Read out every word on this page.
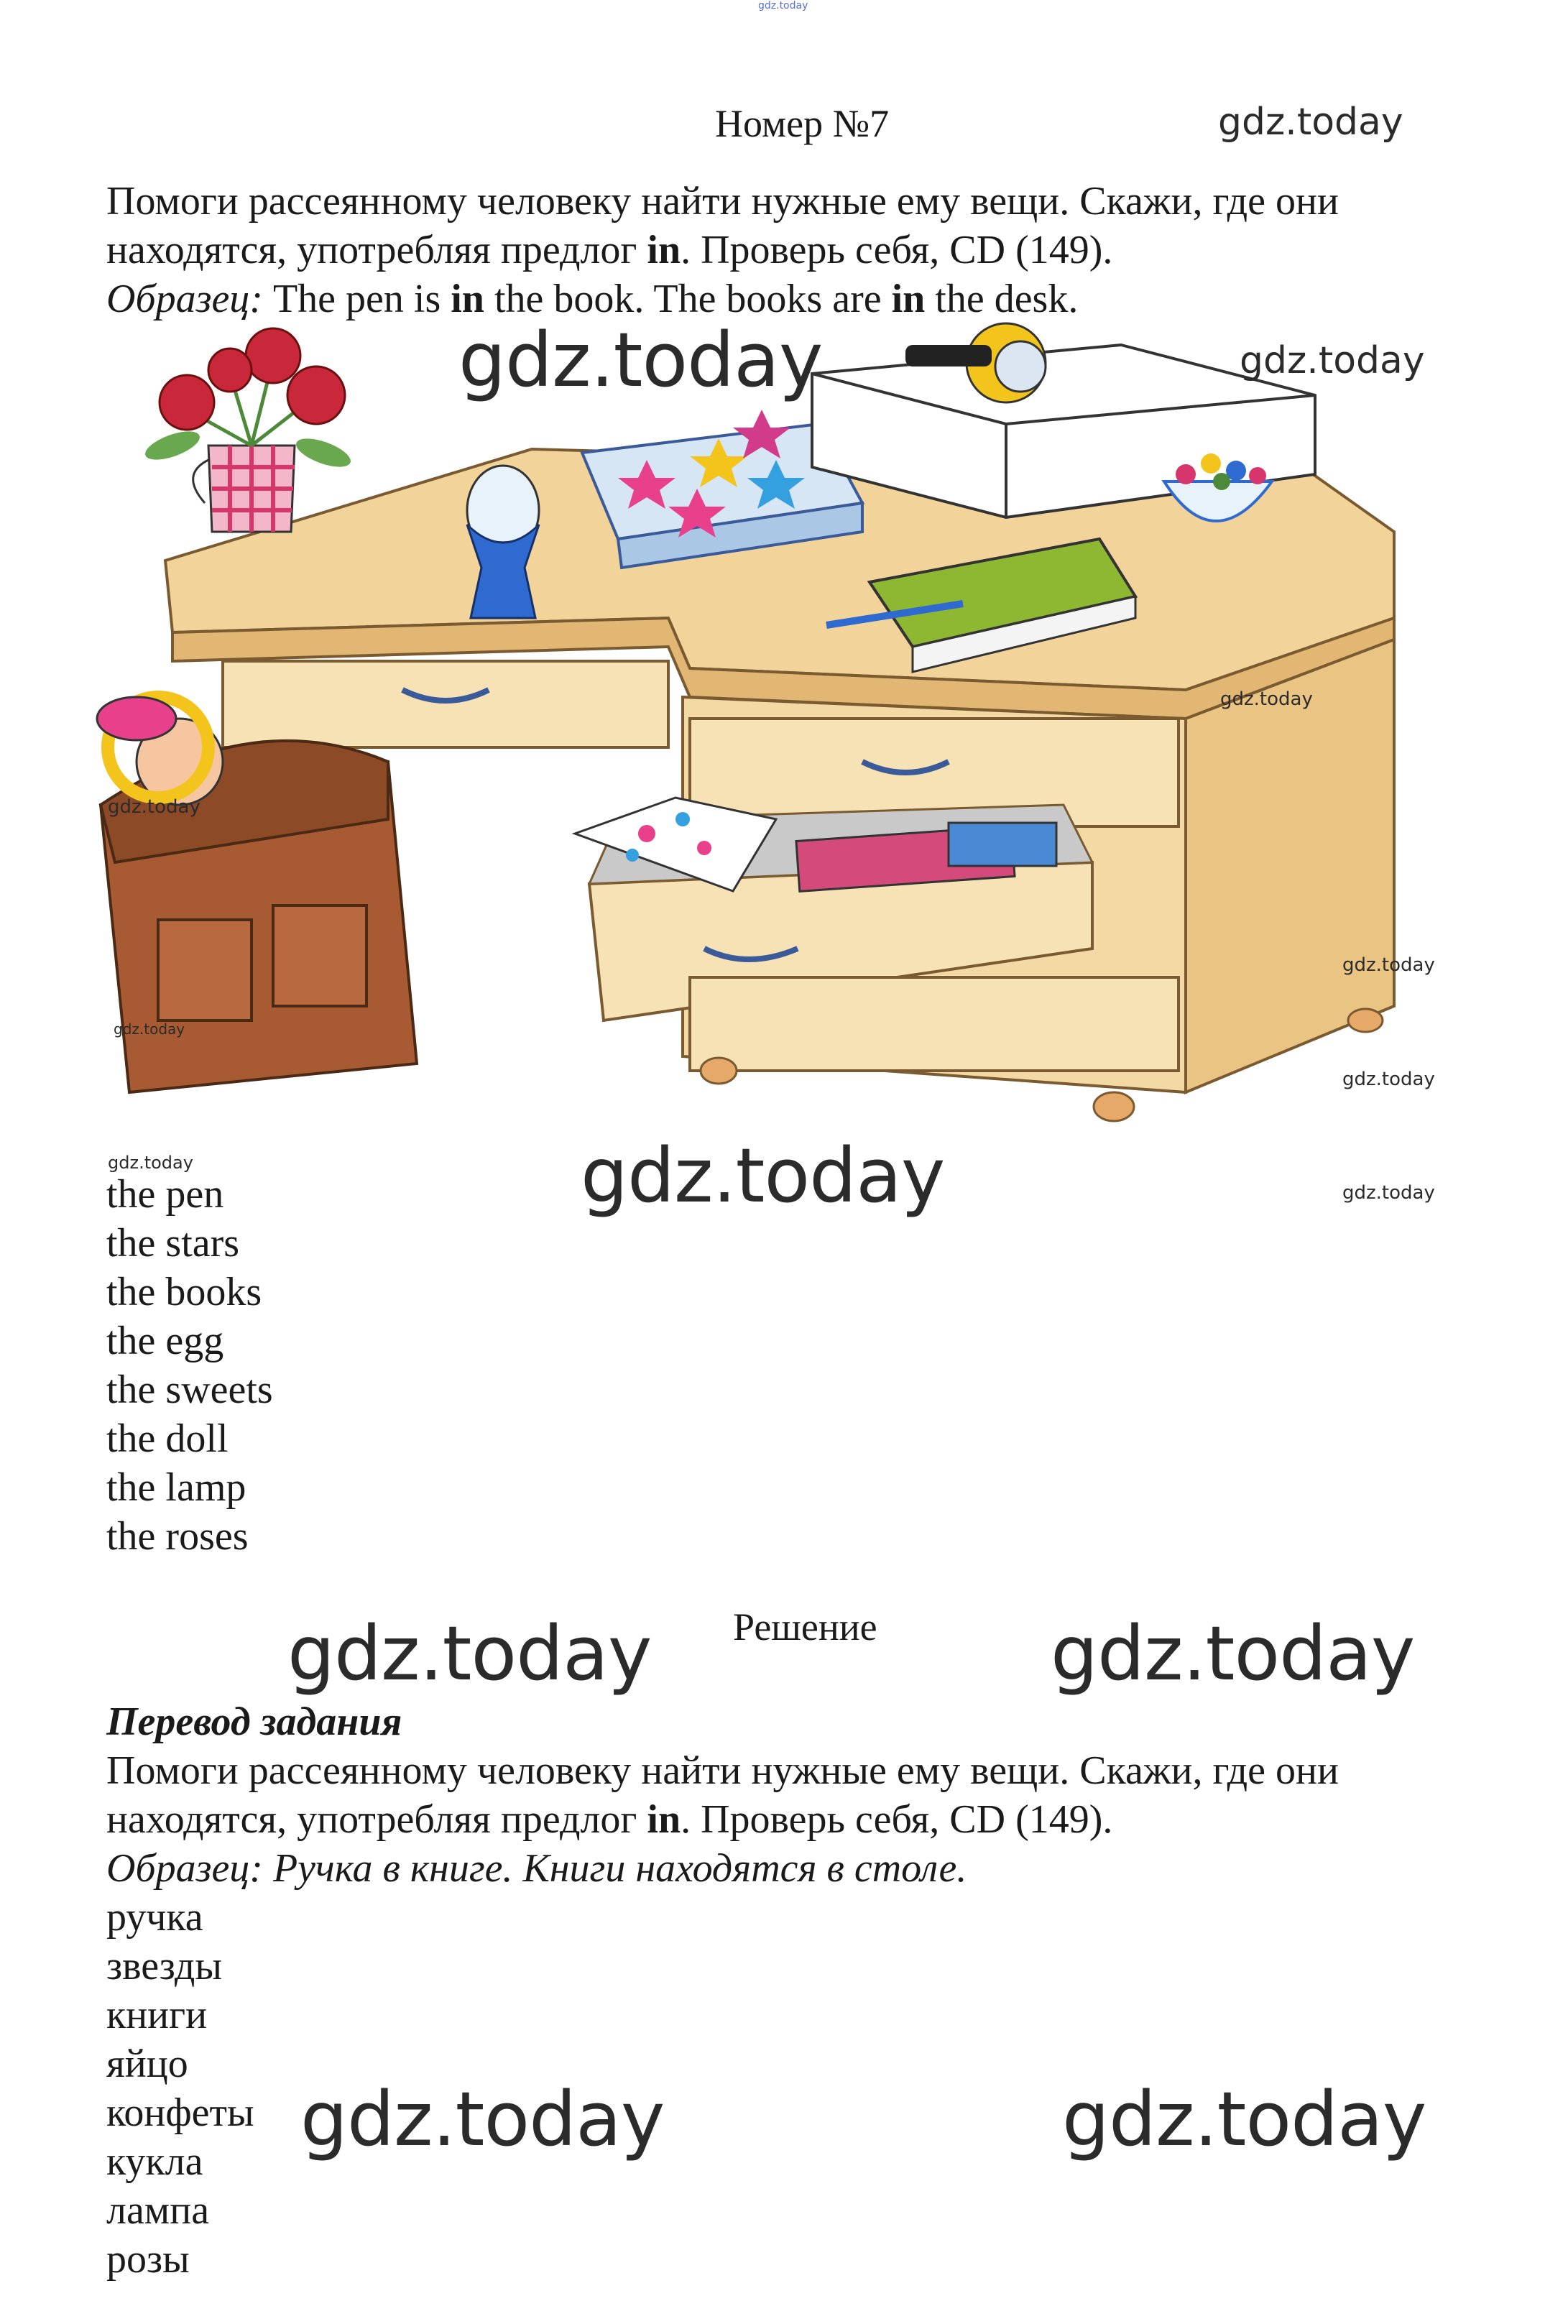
gdz.today
Номер №7	gdz.today
Помоги рассеянному человеку найти нужные ему вещи. Скажи, где они
находятся, употребляя предлог in. Проверь себя, CD (149).
Образец: The pen is in the book. The books are in the desk.
gdz.today	gdz.today
gdz.today
gdz.today
gdz.today
gdz.today
gdz.today
gdz.today	gdz.today	gdz.today
the pen
the stars
the books
the egg
the sweets
the doll
the lamp
the roses
gdz.today Решение gdz.today
Перевод задания
Помоги рассеянному человеку найти нужные ему вещи. Скажи, где они
находятся, употребляя предлог in. Проверь себя, CD (149).
Образец: Ручка в книге. Книги находятся в столе.
ручка
звезды
книги
яйцо
конфеты
кукла
лампа
розы
gdz.today	gdz.today
